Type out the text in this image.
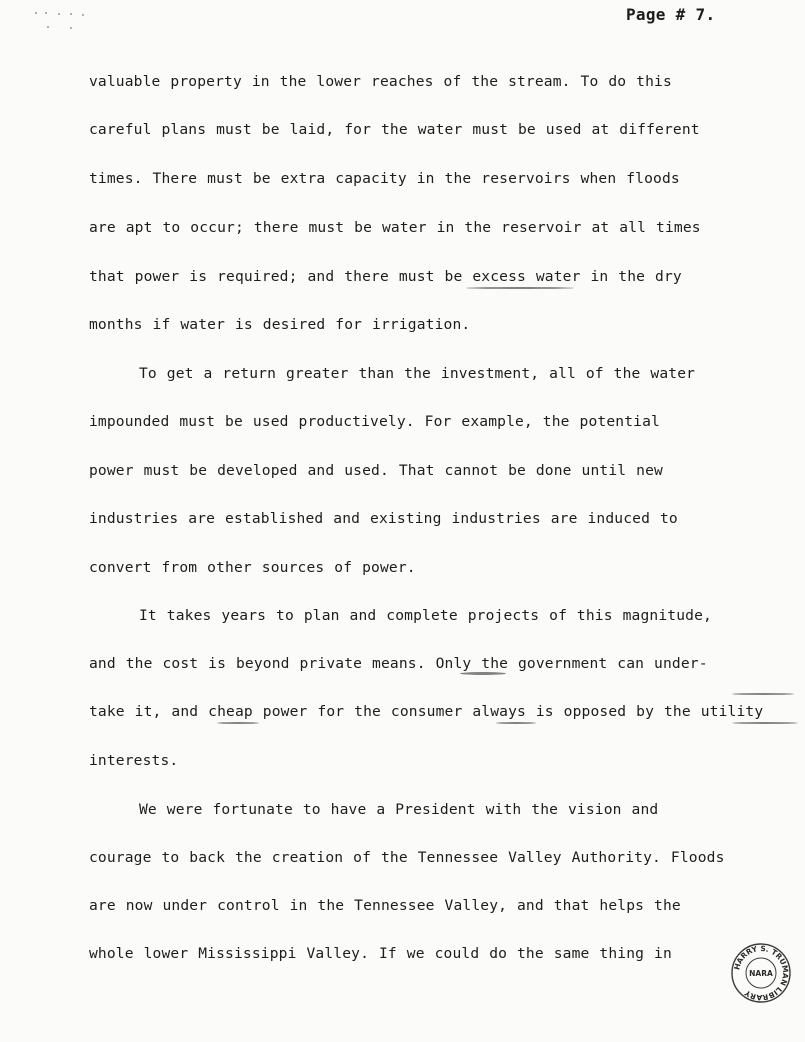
Page # 7.
valuable property in the lower reaches of the stream. To do this
careful plans must be laid, for the water must be used at different
times. There must be extra capacity in the reservoirs when floods
are apt to occur; there must be water in the reservoir at all times
that power is required; and there must be excess water in the dry
months if water is desired for irrigation.
To get a return greater than the investment, all of the water
impounded must be used productively. For example, the potential
power must be developed and used. That cannot be done until new
industries are established and existing industries are induced to
convert from other sources of power.
It takes years to plan and complete projects of this magnitude,
and the cost is beyond private means. Only the government can under-
take it, and cheap power for the consumer always is opposed by the utility
interests.
We were fortunate to have a President with the vision and
courage to back the creation of the Tennessee Valley Authority. Floods
are now under control in the Tennessee Valley, and that helps the
whole lower Mississippi Valley. If we could do the same thing in
HARRY S. TRUMAN LIBRARY
NARA
